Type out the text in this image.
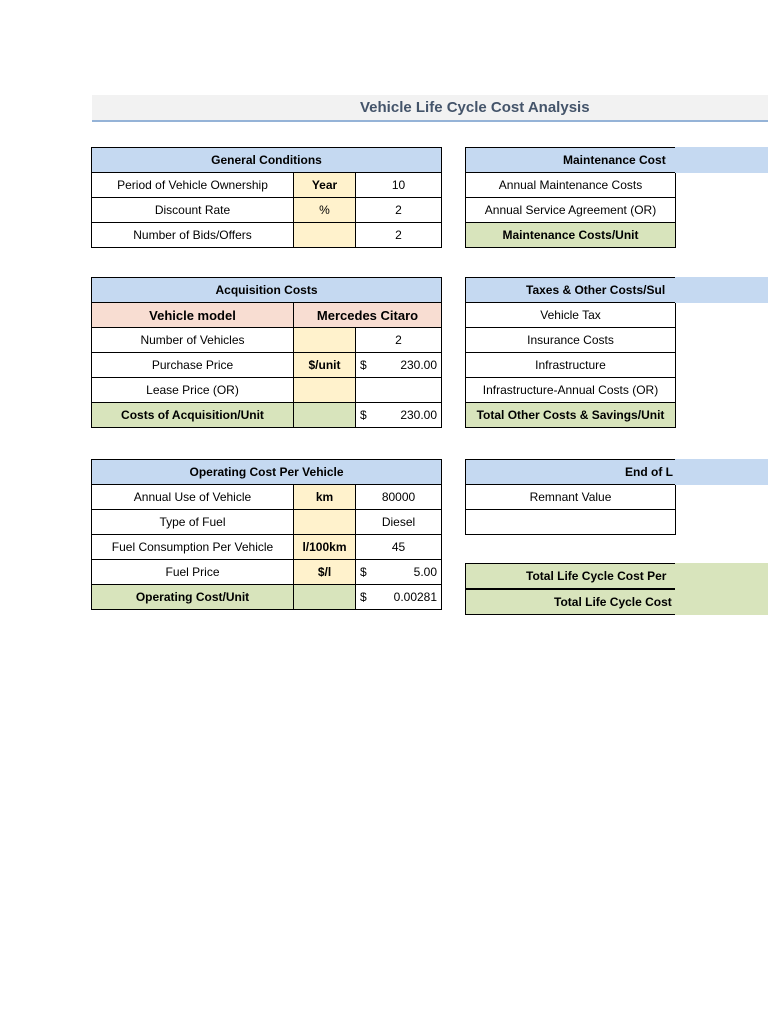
Vehicle Life Cycle Cost Analysis
General Conditions		
Period of Vehicle Ownership	Year	10
Discount Rate	%	2
Number of Bids/Offers		2
Maintenance Cost
Annual Maintenance Costs
Annual Service Agreement (OR)
Maintenance Costs/Unit
Acquisition Costs		
Vehicle model	Mercedes Citaro	
Number of Vehicles		2
Purchase Price	$/unit	$ 230.00

Lease Price (OR)		
Costs of Acquisition/Unit		$ 230.00
Taxes & Other Costs/Sul
Vehicle Tax
Insurance Costs
Infrastructure
Infrastructure-Annual Costs (OR)
Total Other Costs & Savings/Unit
Operating Cost Per Vehicle		
Annual Use of Vehicle	km	80000
Type of Fuel		Diesel
Fuel Consumption Per Vehicle	l/100km	45
Fuel Price	$/l	$ 5.00

Operating Cost/Unit		$ 0.00281
End of L
Remnant Value

Total Life Cycle Cost Per
Total Life Cycle Cost
